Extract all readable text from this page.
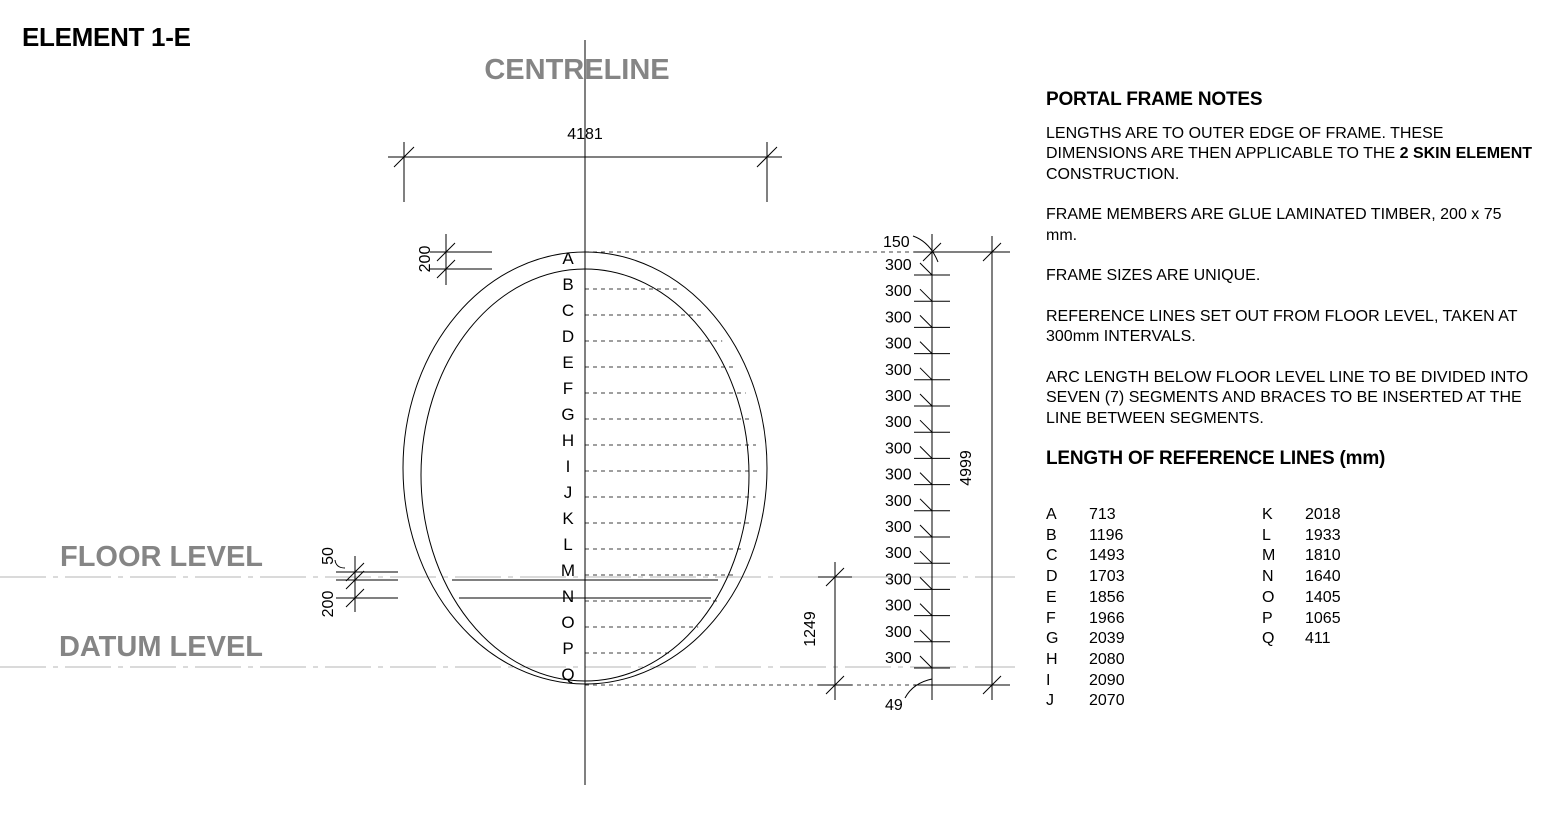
CENTRELINE
FLOOR LEVEL
DATUM LEVEL
4181
200
50
200
1249
4999
150
49
A
B
C
D
E
F
G
H
I
J
K
L
M
N
O
P
Q
300
300
300
300
300
300
300
300
300
300
300
300
300
300
300
300
ELEMENT 1-E
PORTAL FRAME NOTES

LENGTHS ARE TO OUTER EDGE OF FRAME. THESE DIMENSIONS ARE THEN APPLICABLE TO THE 2 SKIN ELEMENT CONSTRUCTION.

FRAME MEMBERS ARE GLUE LAMINATED TIMBER, 200 x 75 mm.

FRAME SIZES ARE UNIQUE.

REFERENCE LINES SET OUT FROM FLOOR LEVEL, TAKEN AT 300mm INTERVALS.

ARC LENGTH BELOW FLOOR LEVEL LINE TO BE DIVIDED INTO SEVEN (7) SEGMENTS AND BRACES TO BE INSERTED AT THE LINE BETWEEN SEGMENTS.

LENGTH OF REFERENCE LINES (mm)
A	713
B	1196
C	1493
D	1703
E	1856
F	1966
G	2039
H	2080
I	2090
J	2070
K	2018
L	1933
M	1810
N	1640
O	1405
P	1065
Q	411
